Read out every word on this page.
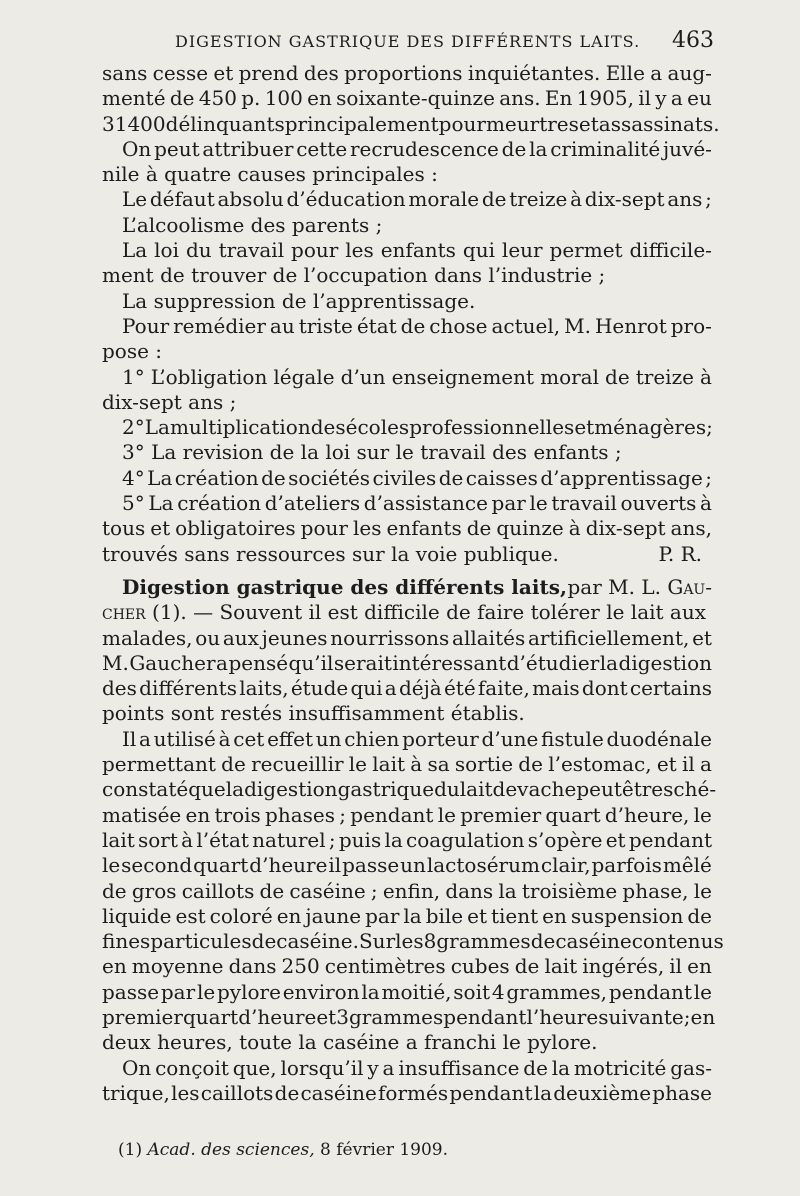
DIGESTION GASTRIQUE DES DIFFÉRENTS LAITS. 463
sans cesse et prend des proportions inquiétantes. Elle a aug-
menté de 450 p. 100 en soixante-quinze ans. En 1905, il y a eu
31 400 délinquants principalement pour meurtres et assassinats.
On peut attribuer cette recrudescence de la criminalité juvé-
nile à quatre causes principales :
Le défaut absolu d’éducation morale de treize à dix-sept ans ;
L’alcoolisme des parents ;
La loi du travail pour les enfants qui leur permet difficile-
ment de trouver de l’occupation dans l’industrie ;
La suppression de l’apprentissage.
Pour remédier au triste état de chose actuel, M. Henrot pro-
pose :
1° L’obligation légale d’un enseignement moral de treize à
dix-sept ans ;
2° La multiplication des écoles professionnelles et ménagères ;
3° La revision de la loi sur le travail des enfants ;
4° La création de sociétés civiles de caisses d’apprentissage ;
5° La création d’ateliers d’assistance par le travail ouverts à
tous et obligatoires pour les enfants de quinze à dix-sept ans,
trouvés sans ressources sur la voie publique.	P. R.
Digestion gastrique des différents laits, par M. L. Gau-
cher (1). — Souvent il est difficile de faire tolérer le lait aux
malades, ou aux jeunes nourrissons allaités artificiellement, et
M. Gaucher a pensé qu’il serait intéressant d’étudier la digestion
des différents laits, étude qui a déjà été faite, mais dont certains
points sont restés insuffisamment établis.
Il a utilisé à cet effet un chien porteur d’une fistule duodénale
permettant de recueillir le lait à sa sortie de l’estomac, et il a
constaté que la digestion gastrique du lait de vache peut être sché-
matisée en trois phases ; pendant le premier quart d’heure, le
lait sort à l’état naturel ; puis la coagulation s’opère et pendant
le second quart d’heure il passe un lactosérum clair, parfois mêlé
de gros caillots de caséine ; enfin, dans la troisième phase, le
liquide est coloré en jaune par la bile et tient en suspension de
fines particules de caséine. Sur les 8 grammes de caséine contenus
en moyenne dans 250 centimètres cubes de lait ingérés, il en
passe par le pylore environ la moitié, soit 4 grammes, pendant le
premier quart d’heure et 3 grammes pendant l’heure suivante ; en
deux heures, toute la caséine a franchi le pylore.
On conçoit que, lorsqu’il y a insuffisance de la motricité gas-
trique, les caillots de caséine formés pendant la deuxième phase
(1) Acad. des sciences, 8 février 1909.
